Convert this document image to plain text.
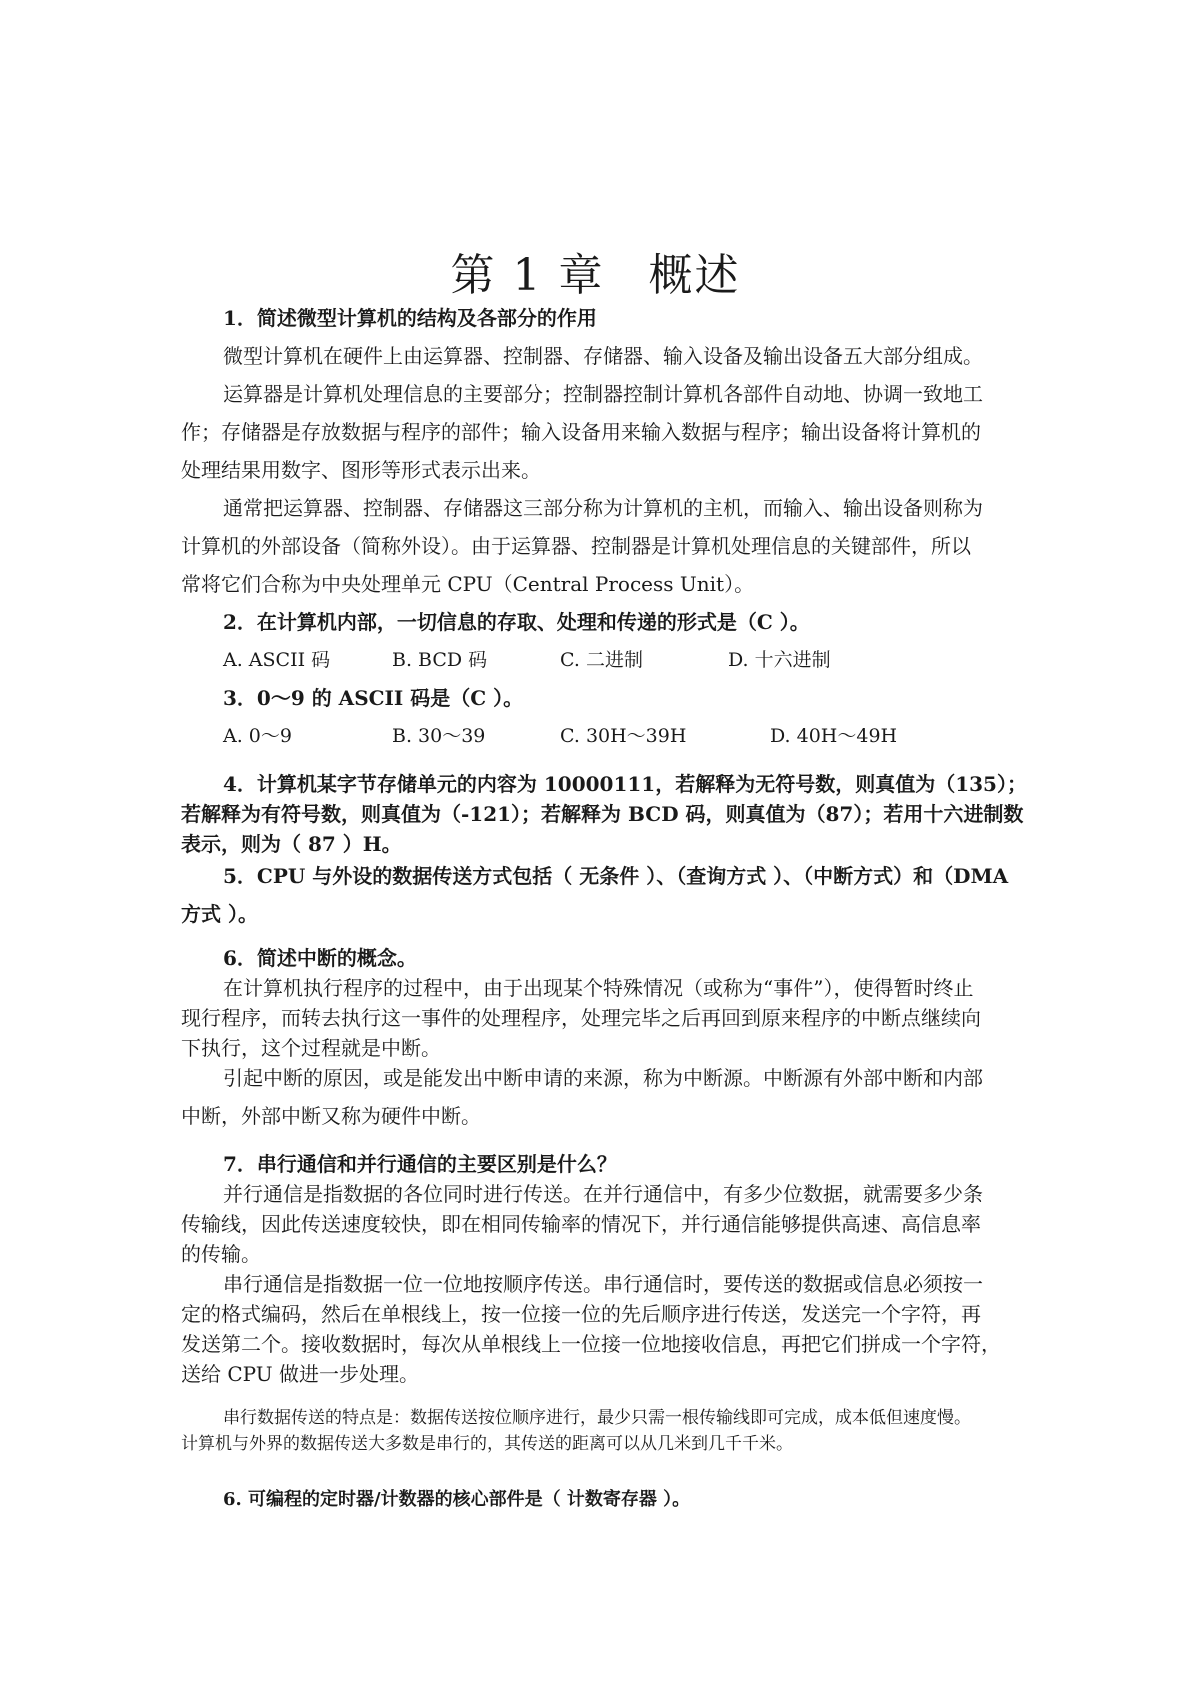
第 1 章 概述
1．简述微型计算机的结构及各部分的作用
微型计算机在硬件上由运算器、控制器、存储器、输入设备及输出设备五大部分组成。
运算器是计算机处理信息的主要部分；控制器控制计算机各部件自动地、协调一致地工
作；存储器是存放数据与程序的部件；输入设备用来输入数据与程序；输出设备将计算机的
处理结果用数字、图形等形式表示出来。
通常把运算器、控制器、存储器这三部分称为计算机的主机，而输入、输出设备则称为
计算机的外部设备（简称外设）。由于运算器、控制器是计算机处理信息的关键部件，所以
常将它们合称为中央处理单元 CPU（Central Process Unit）。
2．在计算机内部，一切信息的存取、处理和传递的形式是（C ）。
A. ASCII 码	B. BCD 码	C. 二进制	D. 十六进制
3．0～9 的 ASCII 码是（C ）。
A. 0～9	B. 30～39	C. 30H～39H	D. 40H～49H
4．计算机某字节存储单元的内容为 10000111，若解释为无符号数，则真值为（135）；
若解释为有符号数，则真值为（-121）；若解释为 BCD 码，则真值为（87）；若用十六进制数
表示，则为（ 87 ）H。
5．CPU 与外设的数据传送方式包括（ 无条件 ）、（查询方式 ）、（中断方式）和（DMA
方式 ）。
6．简述中断的概念。
在计算机执行程序的过程中，由于出现某个特殊情况（或称为“事件”），使得暂时终止
现行程序，而转去执行这一事件的处理程序，处理完毕之后再回到原来程序的中断点继续向
下执行，这个过程就是中断。
引起中断的原因，或是能发出中断申请的来源，称为中断源。中断源有外部中断和内部
中断，外部中断又称为硬件中断。
7．串行通信和并行通信的主要区别是什么？
并行通信是指数据的各位同时进行传送。在并行通信中，有多少位数据，就需要多少条
传输线，因此传送速度较快，即在相同传输率的情况下，并行通信能够提供高速、高信息率
的传输。
串行通信是指数据一位一位地按顺序传送。串行通信时，要传送的数据或信息必须按一
定的格式编码，然后在单根线上，按一位接一位的先后顺序进行传送，发送完一个字符，再
发送第二个。接收数据时，每次从单根线上一位接一位地接收信息，再把它们拼成一个字符，
送给 CPU 做进一步处理。
串行数据传送的特点是：数据传送按位顺序进行，最少只需一根传输线即可完成，成本低但速度慢。
计算机与外界的数据传送大多数是串行的，其传送的距离可以从几米到几千千米。
6. 可编程的定时器/计数器的核心部件是（ 计数寄存器 ）。
